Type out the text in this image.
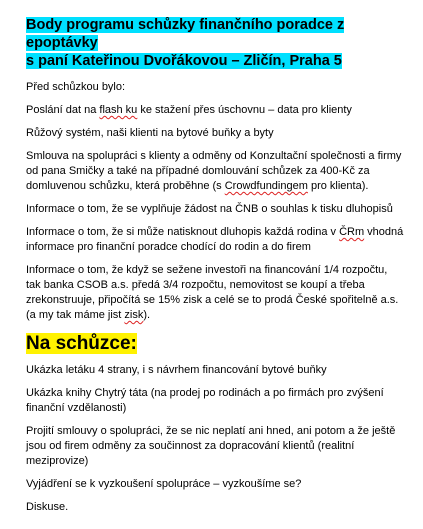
Body programu schůzky finančního poradce z epoptávky
s paní Kateřinou Dvořákovou – Zličín, Praha 5

Před schůzkou bylo:

Poslání dat na flash ku ke stažení přes úschovnu – data pro klienty

Růžový systém, naši klienti na bytové buňky a byty

Smlouva na spolupráci s klienty a odměny od Konzultační společnosti a firmy od pana Smičky a také na případné domlouvání schůzek za 400-Kč za domluvenou schůzku, která proběhne (s Crowdfundingem pro klienta).

Informace o tom, že se vyplňuje žádost na ČNB o souhlas k tisku dluhopisů

Informace o tom, že si může natisknout dluhopis každá rodina v ČRm vhodná informace pro finanční poradce chodící do rodin a do firem

Informace o tom, že když se sežene investoři na financování 1/4 rozpočtu, tak banka CSOB a.s. předá 3/4 rozpočtu, nemovitost se koupí a třeba zrekonstruuje, připočítá se 15% zisk a celé se to prodá České spořitelně a.s. (a my tak máme jist zisk).

Na schůzce:

Ukázka letáku 4 strany, i s návrhem financování bytové buňky

Ukázka knihy Chytrý táta (na prodej po rodinách a po firmách pro zvýšení finanční vzdělanosti)

Projití smlouvy o spolupráci, že se nic neplatí ani hned, ani potom a že ještě jsou od firem odměny za součinnost za dopracování klientů (realitní meziprovize)

Vyjádření se k vyzkoušení spolupráce – vyzkoušíme se?

Diskuse.
